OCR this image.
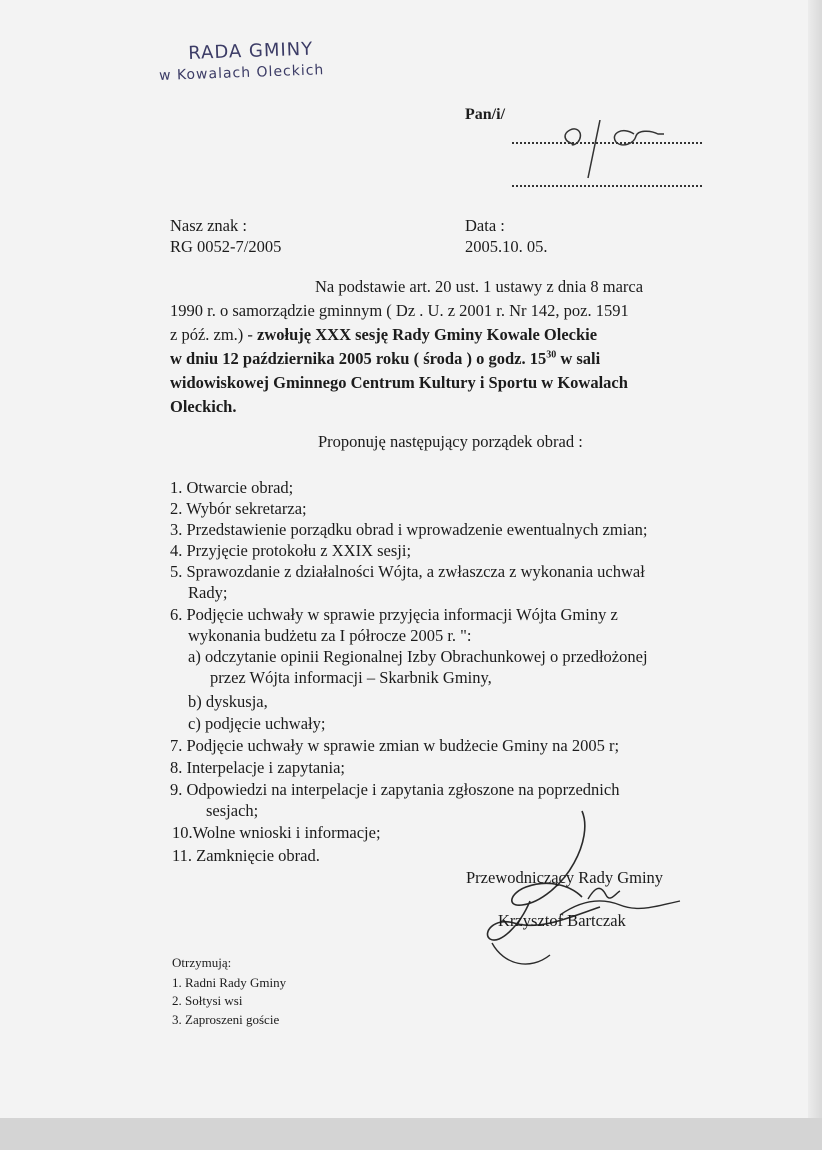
RADA GMINY
w Kowalach Oleckich
Pan/i/
Nasz znak :
RG 0052-7/2005
Data :
2005.10. 05.
Na podstawie art. 20 ust. 1 ustawy z dnia 8 marca
1990 r. o samorządzie gminnym ( Dz . U. z 2001 r. Nr 142, poz. 1591
z póź. zm.) - zwołuję XXX sesję Rady Gminy Kowale Oleckie
w dniu 12 października 2005 roku ( środa ) o godz. $15^{30}$ w sali
widowiskowej Gminnego Centrum Kultury i Sportu w Kowalach
Oleckich.
Proponuję następujący porządek obrad :
1. Otwarcie obrad;
2. Wybór sekretarza;
3. Przedstawienie porządku obrad i wprowadzenie ewentualnych zmian;
4. Przyjęcie protokołu z XXIX sesji;
5. Sprawozdanie z działalności Wójta, a zwłaszcza z wykonania uchwał
Rady;
6. Podjęcie uchwały w sprawie przyjęcia informacji Wójta Gminy z
wykonania budżetu za I półrocze 2005 r. ":
a) odczytanie opinii Regionalnej Izby Obrachunkowej o przedłożonej
przez Wójta informacji – Skarbnik Gminy,
b) dyskusja,
c) podjęcie uchwały;
7. Podjęcie uchwały w sprawie zmian w budżecie Gminy na 2005 r;
8. Interpelacje i zapytania;
9. Odpowiedzi na interpelacje i zapytania zgłoszone na poprzednich
sesjach;
10.Wolne wnioski i informacje;
11. Zamknięcie obrad.
Przewodniczący Rady Gminy
Krzysztof Bartczak
Otrzymują:
1. Radni Rady Gminy
2. Sołtysi wsi
3. Zaproszeni goście
